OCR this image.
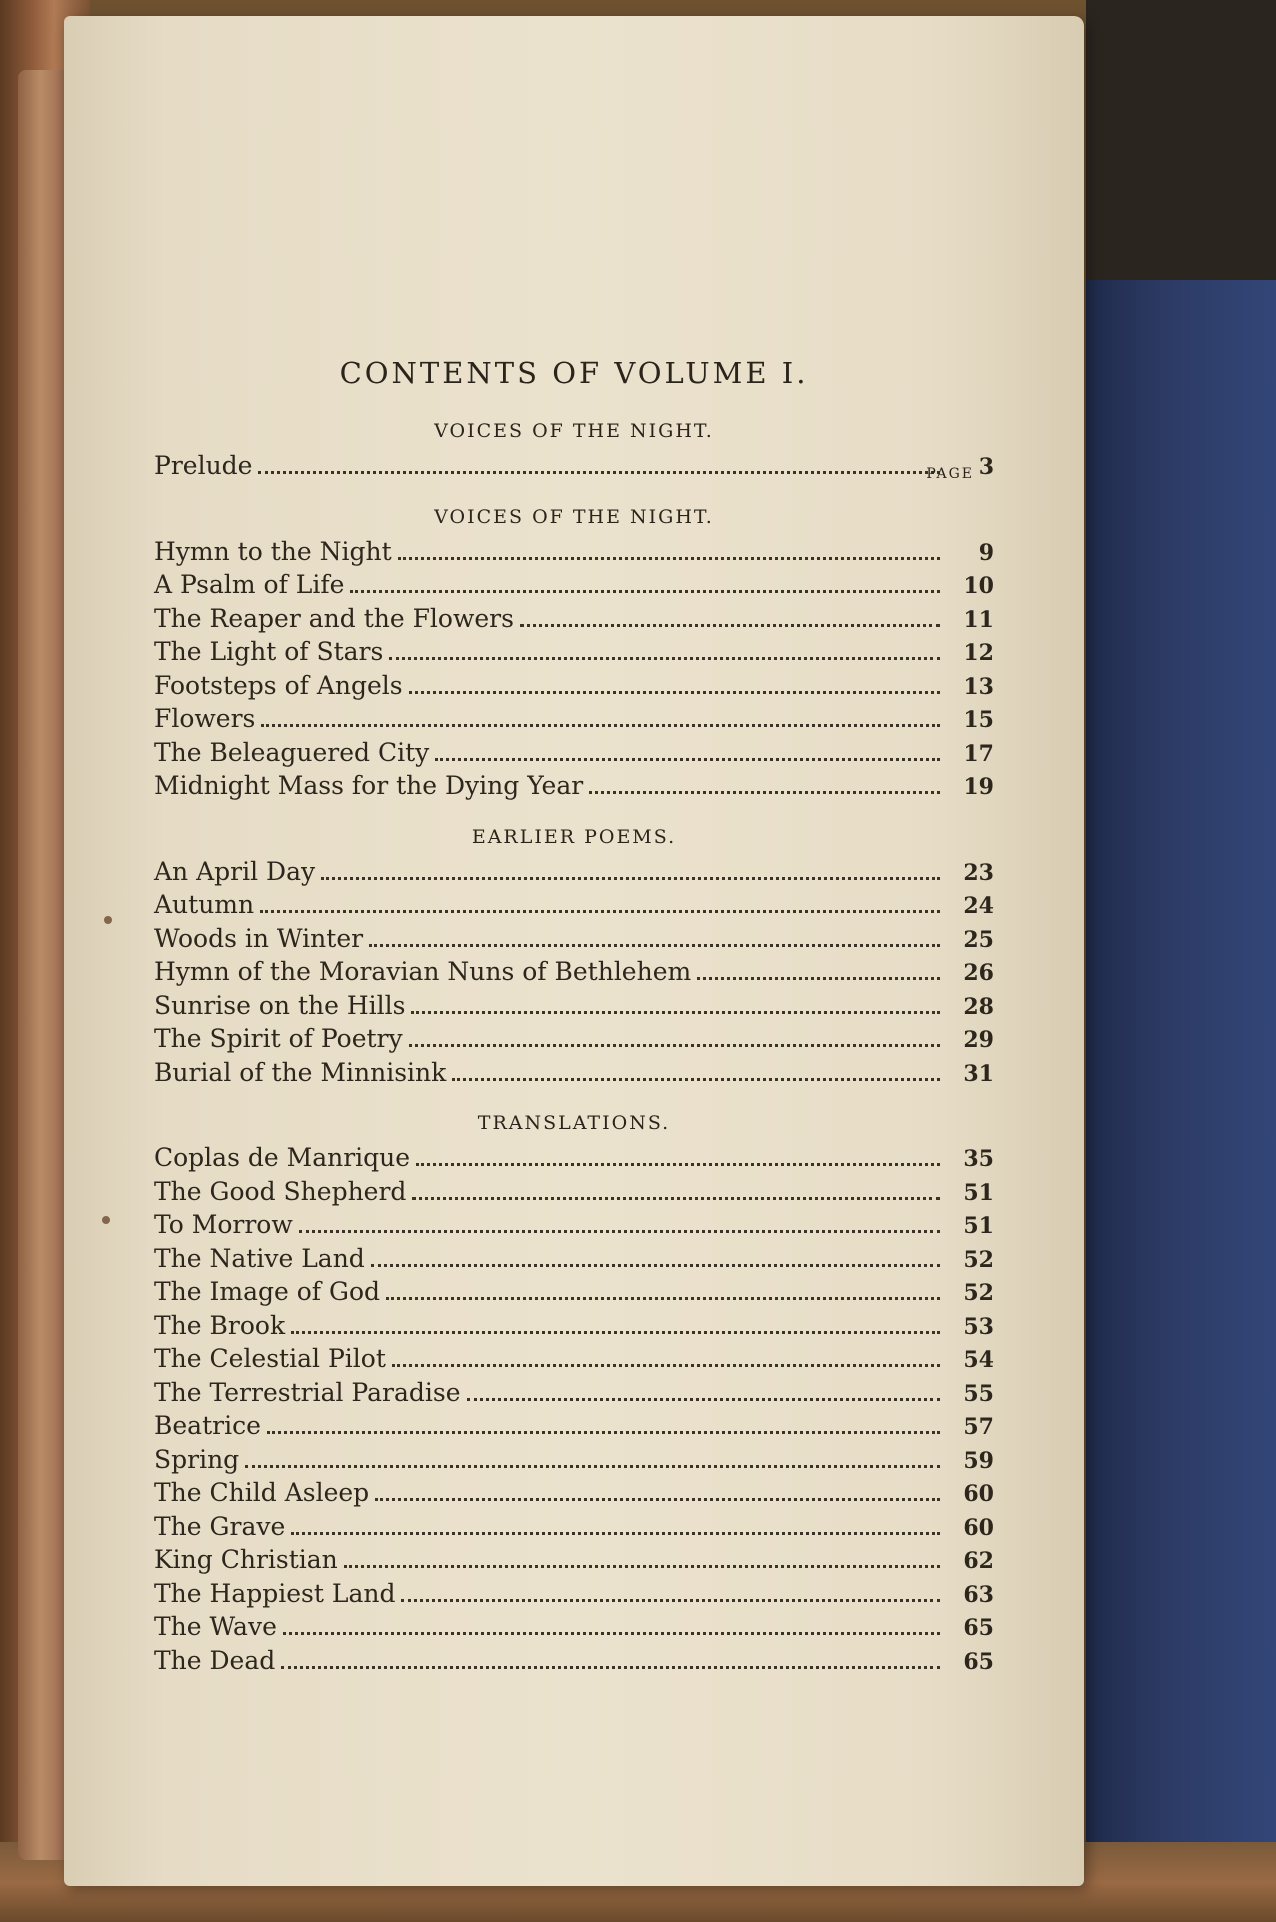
PAGE
CONTENTS OF VOLUME I.
VOICES OF THE NIGHT.
Prelude	3
VOICES OF THE NIGHT.
Hymn to the Night	9
A Psalm of Life	10
The Reaper and the Flowers	11
The Light of Stars	12
Footsteps of Angels	13
Flowers	15
The Beleaguered City	17
Midnight Mass for the Dying Year	19
EARLIER POEMS.
An April Day	23
Autumn	24
Woods in Winter	25
Hymn of the Moravian Nuns of Bethlehem	26
Sunrise on the Hills	28
The Spirit of Poetry	29
Burial of the Minnisink	31
TRANSLATIONS.
Coplas de Manrique	35
The Good Shepherd	51
To Morrow	51
The Native Land	52
The Image of God	52
The Brook	53
The Celestial Pilot	54
The Terrestrial Paradise	55
Beatrice	57
Spring	59
The Child Asleep	60
The Grave	60
King Christian	62
The Happiest Land	63
The Wave	65
The Dead	65
